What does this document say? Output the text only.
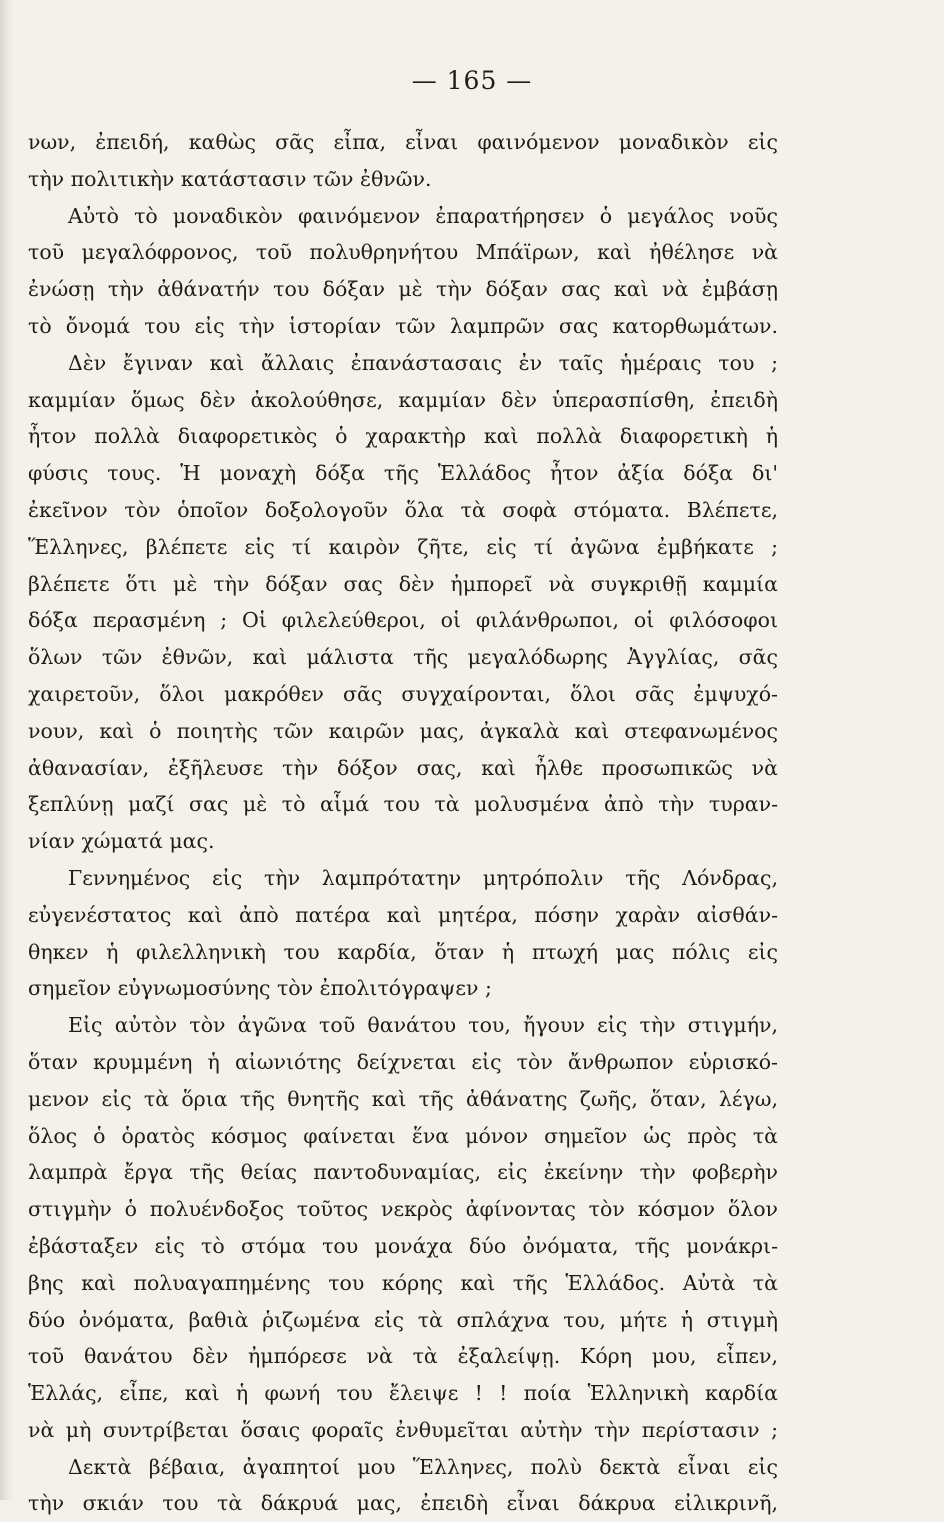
— 165 —
νων, ἐπειδή, καθὼς σᾶς εἶπα, εἶναι φαινόμενον μοναδικὸν εἰς
τὴν πολιτικὴν κατάστασιν τῶν ἐθνῶν.
Αὐτὸ τὸ μοναδικὸν φαινόμενον ἐπαρατήρησεν ὁ μεγάλος νοῦς
τοῦ μεγαλόφρονος, τοῦ πολυθρηνήτου Μπάϊρων, καὶ ἠθέλησε νὰ
ἐνώσῃ τὴν ἀθάνατήν του δόξαν μὲ τὴν δόξαν σας καὶ νὰ ἐμβάσῃ
τὸ ὄνομά του εἰς τὴν ἱστορίαν τῶν λαμπρῶν σας κατορθωμάτων.
Δὲν ἔγιναν καὶ ἄλλαις ἐπανάστασαις ἐν ταῖς ἡμέραις του ;
καμμίαν ὅμως δὲν ἀκολούθησε, καμμίαν δὲν ὑπερασπίσθη, ἐπειδὴ
ἦτον πολλὰ διαφορετικὸς ὁ χαρακτὴρ καὶ πολλὰ διαφορετικὴ ἡ
φύσις τους. Ἡ μοναχὴ δόξα τῆς Ἑλλάδος ἦτον ἀξία δόξα δι'
ἐκεῖνον τὸν ὁποῖον δοξολογοῦν ὅλα τὰ σοφὰ στόματα. Βλέπετε,
Ἕλληνες, βλέπετε εἰς τί καιρὸν ζῆτε, εἰς τί ἀγῶνα ἐμβήκατε ;
βλέπετε ὅτι μὲ τὴν δόξαν σας δὲν ἠμπορεῖ νὰ συγκριθῇ καμμία
δόξα περασμένη ; Οἱ φιλελεύθεροι, οἱ φιλάνθρωποι, οἱ φιλόσοφοι
ὅλων τῶν ἐθνῶν, καὶ μάλιστα τῆς μεγαλόδωρης Ἀγγλίας, σᾶς
χαιρετοῦν, ὅλοι μακρόθεν σᾶς συγχαίρονται, ὅλοι σᾶς ἐμψυχό-
νουν, καὶ ὁ ποιητὴς τῶν καιρῶν μας, ἀγκαλὰ καὶ στεφανωμένος
ἀθανασίαν, ἐξῆλευσε τὴν δόξον σας, καὶ ἦλθε προσωπικῶς νὰ
ξεπλύνῃ μαζί σας μὲ τὸ αἷμά του τὰ μολυσμένα ἀπὸ τὴν τυραν-
νίαν χώματά μας.
Γεννημένος εἰς τὴν λαμπρότατην μητρόπολιν τῆς Λόνδρας,
εὐγενέστατος καὶ ἀπὸ πατέρα καὶ μητέρα, πόσην χαρὰν αἰσθάν-
θηκεν ἡ φιλελληνικὴ του καρδία, ὅταν ἡ πτωχή μας πόλις εἰς
σημεῖον εὐγνωμοσύνης τὸν ἐπολιτόγραψεν ;
Εἰς αὐτὸν τὸν ἀγῶνα τοῦ θανάτου του, ἤγουν εἰς τὴν στιγμήν,
ὅταν κρυμμένη ἡ αἰωνιότης δείχνεται εἰς τὸν ἄνθρωπον εὑρισκό-
μενον εἰς τὰ ὅρια τῆς θνητῆς καὶ τῆς ἀθάνατης ζωῆς, ὅταν, λέγω,
ὅλος ὁ ὁρατὸς κόσμος φαίνεται ἕνα μόνον σημεῖον ὡς πρὸς τὰ
λαμπρὰ ἔργα τῆς θείας παντοδυναμίας, εἰς ἐκείνην τὴν φοβερὴν
στιγμὴν ὁ πολυένδοξος τοῦτος νεκρὸς ἀφίνοντας τὸν κόσμον ὅλον
ἐβάσταξεν εἰς τὸ στόμα του μονάχα δύο ὀνόματα, τῆς μονάκρι-
βης καὶ πολυαγαπημένης του κόρης καὶ τῆς Ἑλλάδος. Αὐτὰ τὰ
δύο ὀνόματα, βαθιὰ ῥιζωμένα εἰς τὰ σπλάχνα του, μήτε ἡ στιγμὴ
τοῦ θανάτου δὲν ἠμπόρεσε νὰ τὰ ἐξαλείψῃ. Κόρη μου, εἶπεν,
Ἑλλάς, εἶπε, καὶ ἡ φωνή του ἔλειψε ! ! ποία Ἑλληνικὴ καρδία
νὰ μὴ συντρίβεται ὅσαις φοραῖς ἐνθυμεῖται αὐτὴν τὴν περίστασιν ;
Δεκτὰ βέβαια, ἀγαπητοί μου Ἕλληνες, πολὺ δεκτὰ εἶναι εἰς
τὴν σκιάν του τὰ δάκρυά μας, ἐπειδὴ εἶναι δάκρυα εἰλικρινῆ,
